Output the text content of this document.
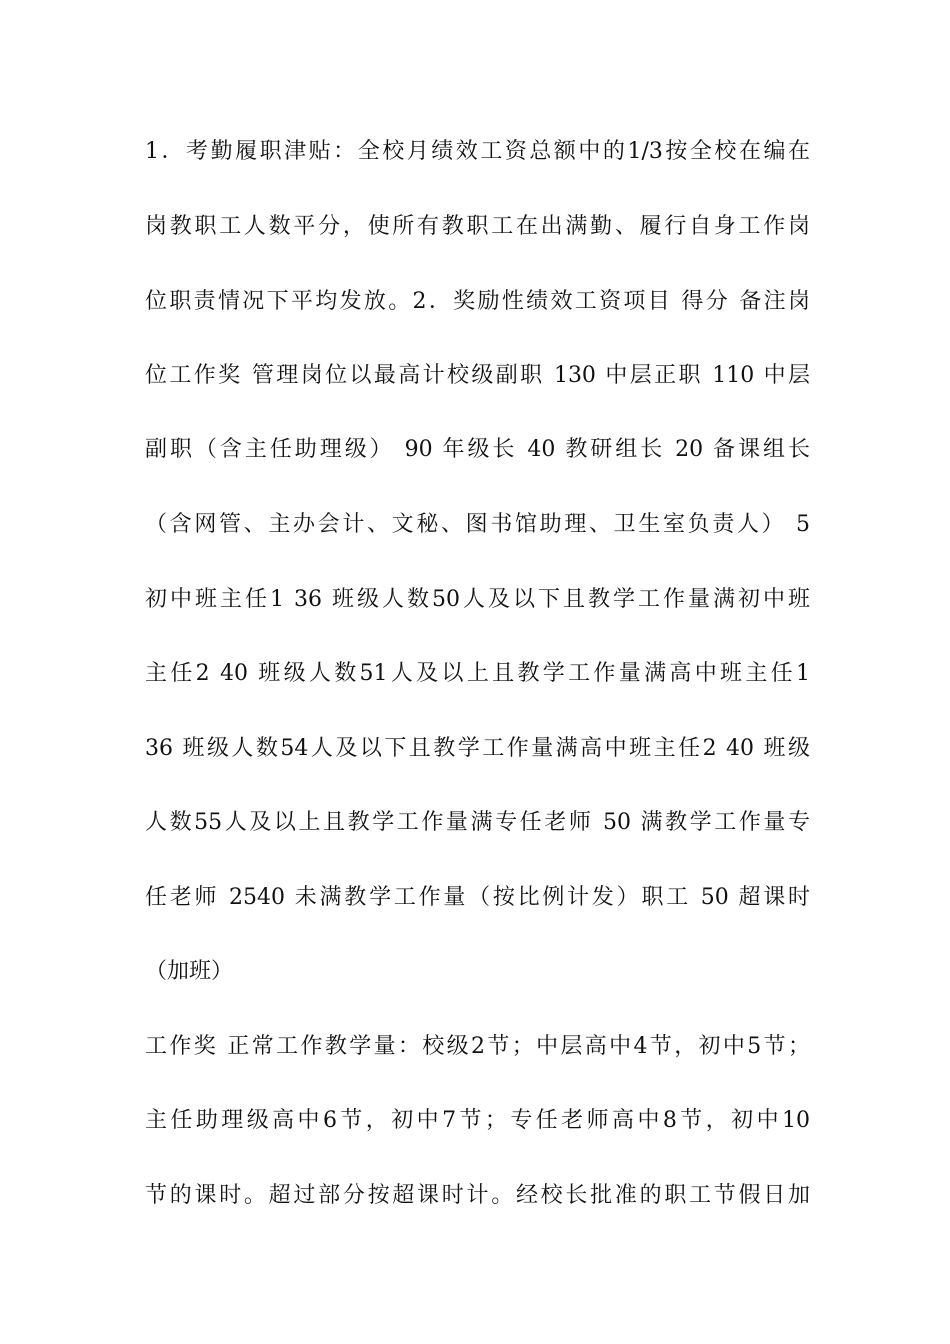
1．考勤履职津贴：全校月绩效工资总额中的1/3按全校在编在
岗教职工人数平分，使所有教职工在出满勤、履行自身工作岗
位职责情况下平均发放。2．奖励性绩效工资项目 得分 备注岗
位工作奖 管理岗位以最高计校级副职 130 中层正职 110 中层
副职（含主任助理级） 90 年级长 40 教研组长 20 备课组长
（含网管、主办会计、文秘、图书馆助理、卫生室负责人） 5
初中班主任1 36 班级人数50人及以下且教学工作量满初中班
主任2 40 班级人数51人及以上且教学工作量满高中班主任1
36 班级人数54人及以下且教学工作量满高中班主任2 40 班级
人数55人及以上且教学工作量满专任老师 50 满教学工作量专
任老师 2540 未满教学工作量（按比例计发）职工 50 超课时
（加班）
工作奖 正常工作教学量：校级2节；中层高中4节，初中5节；
主任助理级高中6节，初中7节；专任老师高中8节，初中10
节的课时。超过部分按超课时计。经校长批准的职工节假日加
